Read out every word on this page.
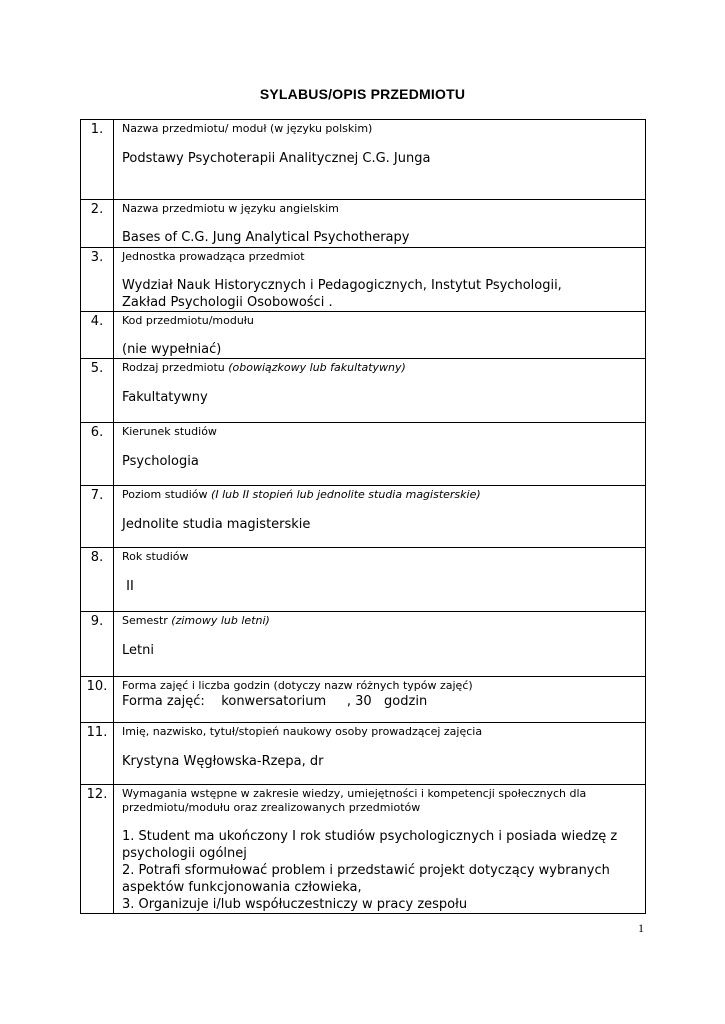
SYLABUS/OPIS PRZEDMIOTU
1.	Nazwa przedmiotu/ moduł (w języku polskim)
Podstawy Psychoterapii Analitycznej C.G. Junga

2.	Nazwa przedmiotu w języku angielskim
Bases of C.G. Jung Analytical Psychotherapy

3.	Jednostka prowadząca przedmiot
Wydział Nauk Historycznych i Pedagogicznych, Instytut Psychologii,
Zakład Psychologii Osobowości .

4.	Kod przedmiotu/modułu
(nie wypełniać)

5.	Rodzaj przedmiotu (obowiązkowy lub fakultatywny)
Fakultatywny

6.	Kierunek studiów
Psychologia

7.	Poziom studiów (I lub II stopień lub jednolite studia magisterskie)
Jednolite studia magisterskie

8.	Rok studiów
II

9.	Semestr (zimowy lub letni)
Letni

10.	Forma zajęć i liczba godzin (dotyczy nazw różnych typów zajęć)
Forma zajęć:    konwersatorium     , 30   godzin

11.	Imię, nazwisko, tytuł/stopień naukowy osoby prowadzącej zajęcia
Krystyna Węgłowska-Rzepa, dr

12.	Wymagania wstępne w zakresie wiedzy, umiejętności i kompetencji społecznych dla przedmiotu/modułu oraz zrealizowanych przedmiotów
1. Student ma ukończony I rok studiów psychologicznych i posiada wiedzę z psychologii ogólnej
2. Potrafi sformułować problem i przedstawić projekt dotyczący wybranych aspektów funkcjonowania człowieka,
3. Organizuje i/lub współuczestniczy w pracy zespołu
1
